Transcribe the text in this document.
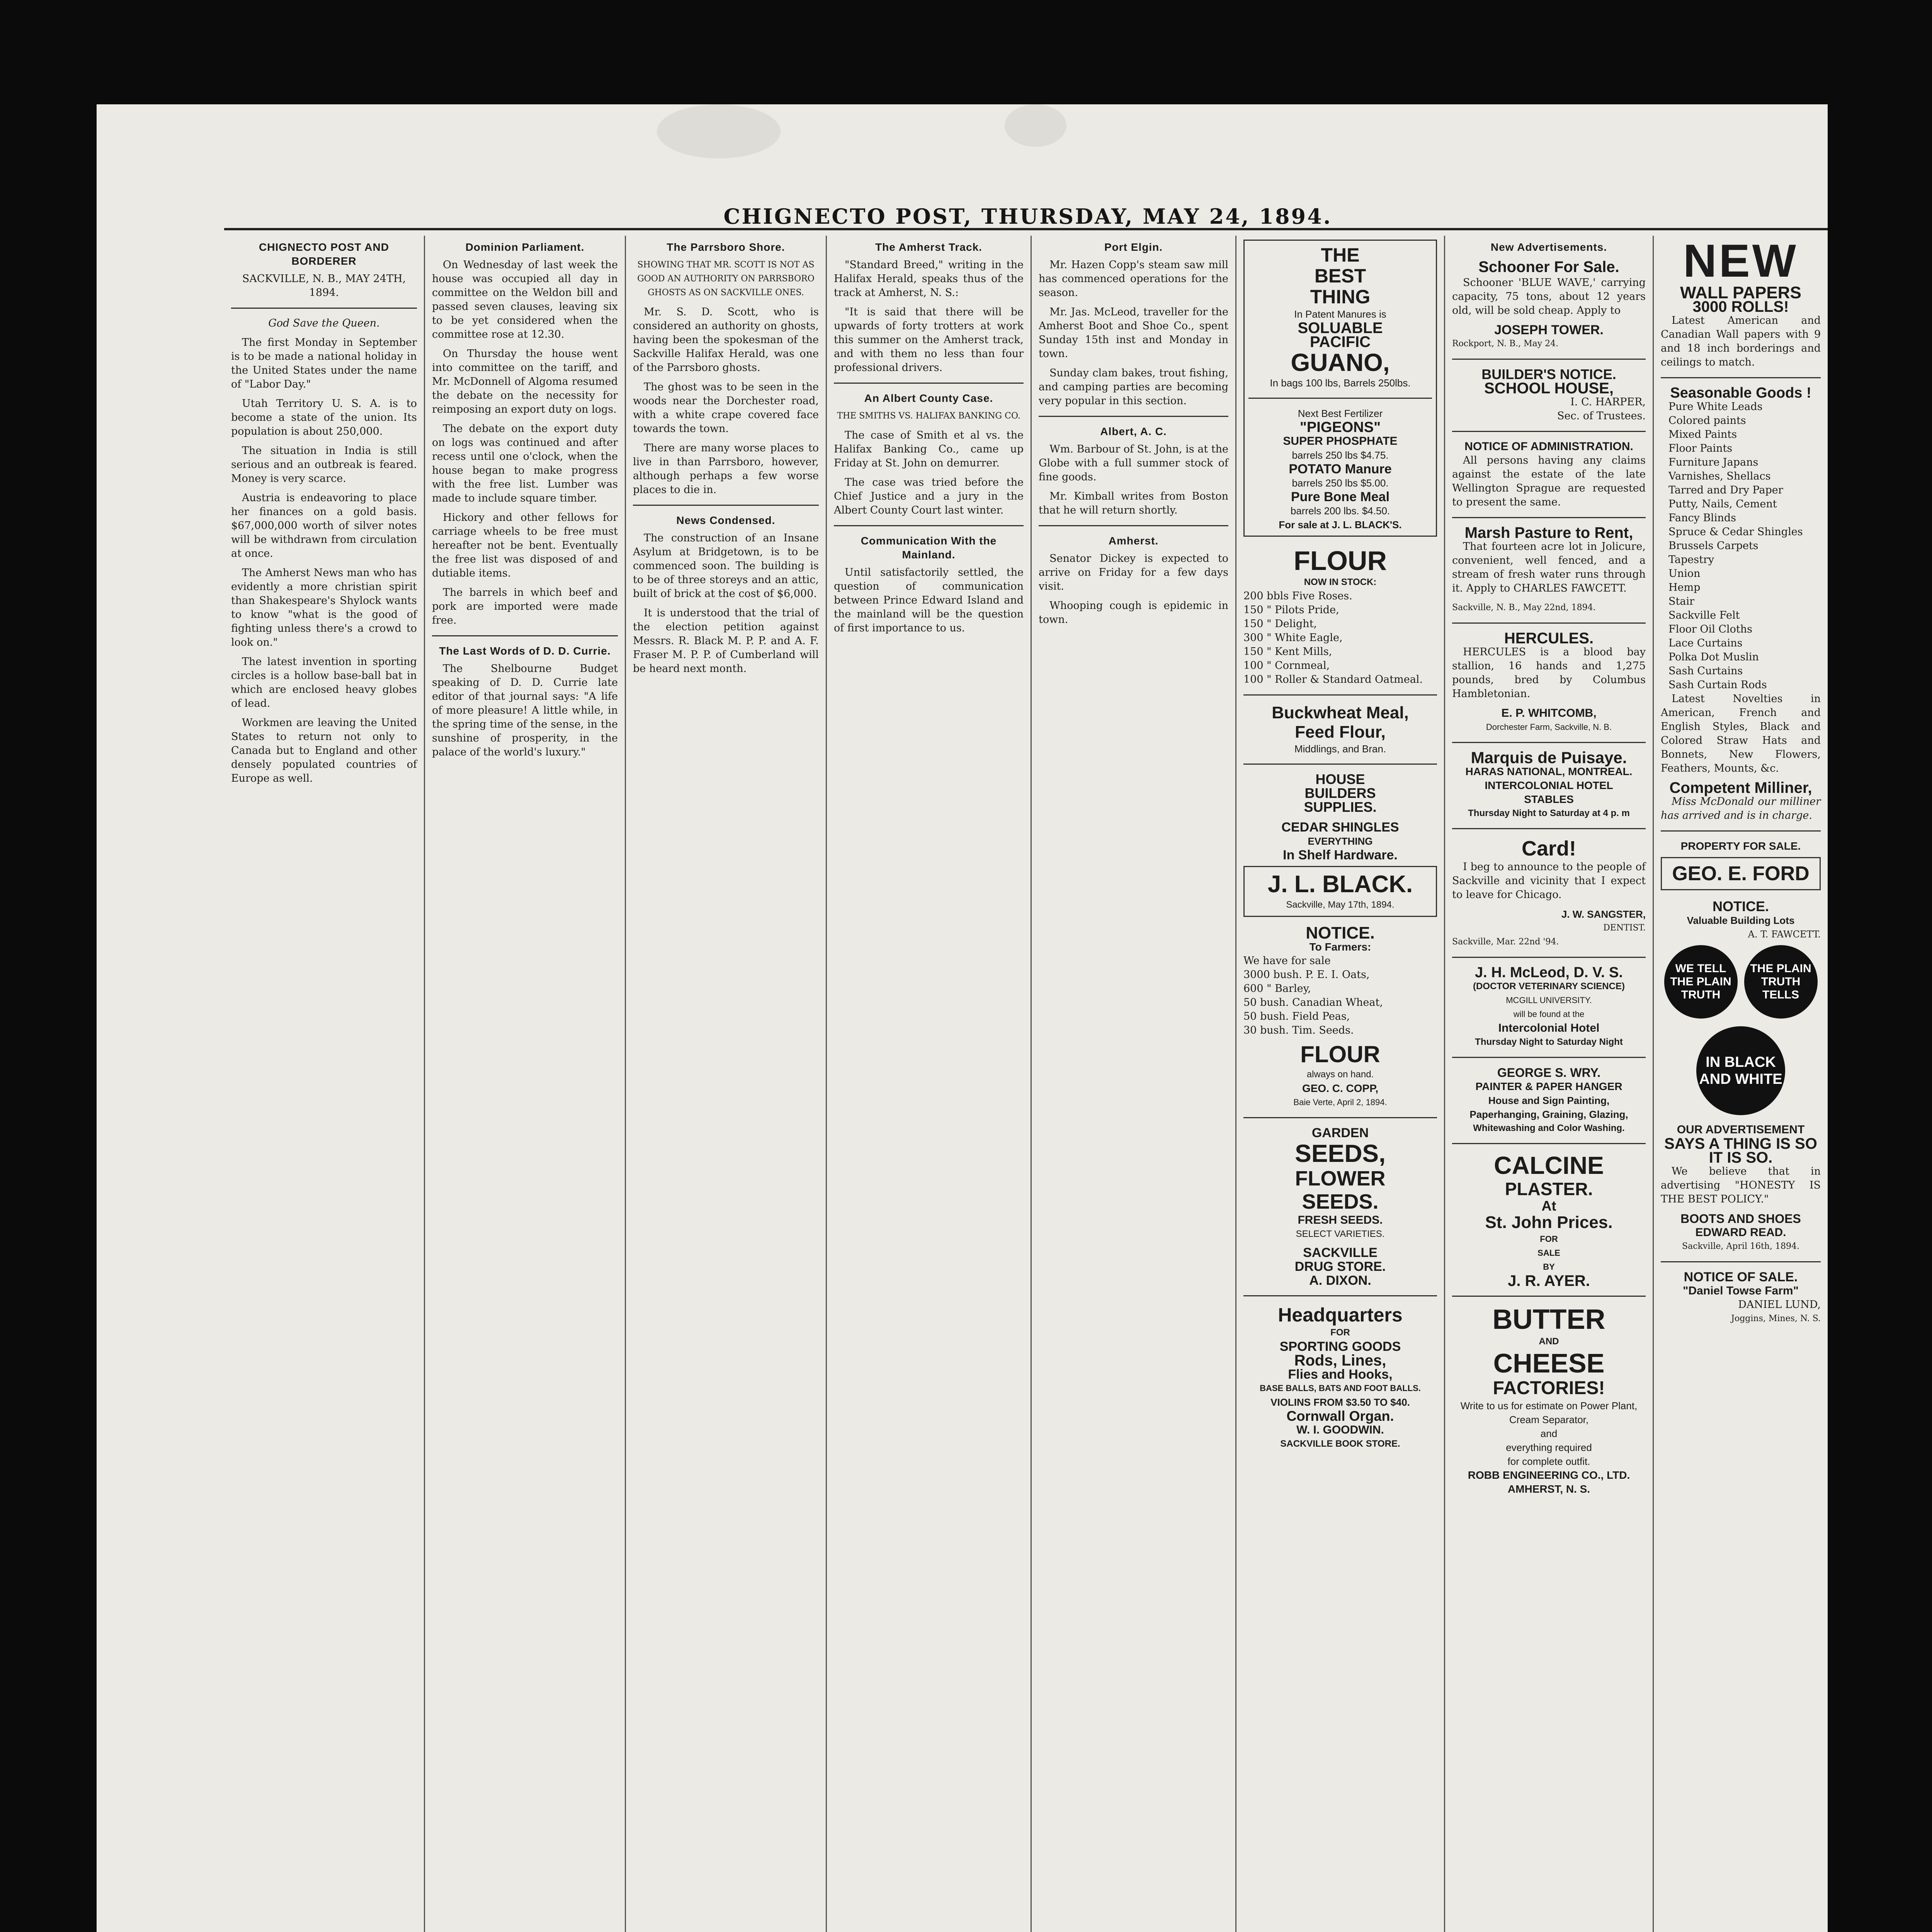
CHIGNECTO POST, THURSDAY, MAY 24, 1894.
CHIGNECTO POST AND BORDERER

SACKVILLE, N. B., MAY 24TH, 1894.

God Save the Queen.

The first Monday in September is to be made a national holiday in the United States under the name of "Labor Day."

Utah Territory U. S. A. is to become a state of the union. Its population is about 250,000.

The situation in India is still serious and an outbreak is feared. Money is very scarce.

Austria is endeavoring to place her finances on a gold basis. $67,000,000 worth of silver notes will be withdrawn from circulation at once.

The Amherst News man who has evidently a more christian spirit than Shakespeare's Shylock wants to know "what is the good of fighting unless there's a crowd to look on."

The latest invention in sporting circles is a hollow base-ball bat in which are enclosed heavy globes of lead.

Workmen are leaving the United States to return not only to Canada but to England and other densely populated countries of Europe as well.

Dominion Parliament.

On Wednesday of last week the house was occupied all day in committee on the Weldon bill and passed seven clauses, leaving six to be yet considered when the committee rose at 12.30.

On Thursday the house went into committee on the tariff, and Mr. McDonnell of Algoma resumed the debate on the necessity for reimposing an export duty on logs.

The debate on the export duty on logs was continued and after recess until one o'clock, when the house began to make progress with the free list. Lumber was made to include square timber.

Hickory and other fellows for carriage wheels to be free must hereafter not be bent. Eventually the free list was disposed of and dutiable items.

The barrels in which beef and pork are imported were made free.

The Last Words of D. D. Currie.

The Shelbourne Budget speaking of D. D. Currie late editor of that journal says: "A life of more pleasure! A little while, in the spring time of the sense, in the sunshine of prosperity, in the palace of the world's luxury."

The Parrsboro Shore.

SHOWING THAT MR. SCOTT IS NOT AS GOOD AN AUTHORITY ON PARRSBORO GHOSTS AS ON SACKVILLE ONES.

Mr. S. D. Scott, who is considered an authority on ghosts, having been the spokesman of the Sackville Halifax Herald, was one of the Parrsboro ghosts.

The ghost was to be seen in the woods near the Dorchester road, with a white crape covered face towards the town.

There are many worse places to live in than Parrsboro, however, although perhaps a few worse places to die in.

News Condensed.

The construction of an Insane Asylum at Bridgetown, is to be commenced soon. The building is to be of three storeys and an attic, built of brick at the cost of $6,000.

It is understood that the trial of the election petition against Messrs. R. Black M. P. P. and A. F. Fraser M. P. P. of Cumberland will be heard next month.

The Amherst Track.

"Standard Breed," writing in the Halifax Herald, speaks thus of the track at Amherst, N. S.:

"It is said that there will be upwards of forty trotters at work this summer on the Amherst track, and with them no less than four professional drivers.

An Albert County Case.

THE SMITHS VS. HALIFAX BANKING CO.

The case of Smith et al vs. the Halifax Banking Co., came up Friday at St. John on demurrer.

The case was tried before the Chief Justice and a jury in the Albert County Court last winter.

Communication With the Mainland.

Until satisfactorily settled, the question of communication between Prince Edward Island and the mainland will be the question of first importance to us.

Port Elgin.

Mr. Hazen Copp's steam saw mill has commenced operations for the season.

Mr. Jas. McLeod, traveller for the Amherst Boot and Shoe Co., spent Sunday 15th inst and Monday in town.

Sunday clam bakes, trout fishing, and camping parties are becoming very popular in this section.

Albert, A. C.

Wm. Barbour of St. John, is at the Globe with a full summer stock of fine goods.

Mr. Kimball writes from Boston that he will return shortly.

Amherst.

Senator Dickey is expected to arrive on Friday for a few days visit.

Whooping cough is epidemic in town.

THE
BEST
THING
In Patent Manures is
SOLUABLE
PACIFIC
GUANO,
In bags 100 lbs, Barrels 250lbs.
Next Best Fertilizer
"PIGEONS"
SUPER PHOSPHATE
barrels 250 lbs $4.75.
POTATO Manure
barrels 250 lbs $5.00.
Pure Bone Meal
barrels 200 lbs. $4.50.
For sale at J. L. BLACK'S.
FLOUR
NOW IN STOCK:
200 bbls Five Roses.
150 " Pilots Pride,
150 " Delight,
300 " White Eagle,
150 " Kent Mills,
100 " Cornmeal,
100 " Roller & Standard Oatmeal.
Buckwheat Meal,
Feed Flour,
Middlings, and Bran.
HOUSE
BUILDERS
SUPPLIES.
CEDAR SHINGLES
EVERYTHING
In Shelf Hardware.
J. L. BLACK.
Sackville, May 17th, 1894.
NOTICE.
To Farmers:
We have for sale
3000 bush. P. E. I. Oats,
600 " Barley,
50 bush. Canadian Wheat,
50 bush. Field Peas,
30 bush. Tim. Seeds.
FLOUR
always on hand.
GEO. C. COPP,
Baie Verte, April 2, 1894.
GARDEN
SEEDS,
FLOWER
SEEDS.
FRESH SEEDS.
SELECT VARIETIES.
SACKVILLE
DRUG STORE.
A. DIXON.
Headquarters
FOR
SPORTING GOODS
Rods, Lines,
Flies and Hooks,
BASE BALLS, BATS AND FOOT BALLS.
VIOLINS FROM $3.50 TO $40.
Cornwall Organ.
W. I. GOODWIN.
SACKVILLE BOOK STORE.
New Advertisements.
Schooner For Sale.

Schooner 'BLUE WAVE,' carrying capacity, 75 tons, about 12 years old, will be sold cheap. Apply to

JOSEPH TOWER.
Rockport, N. B., May 24.
BUILDER'S NOTICE.
SCHOOL HOUSE,
I. C. HARPER,
Sec. of Trustees.
NOTICE OF ADMINISTRATION.

All persons having any claims against the estate of the late Wellington Sprague are requested to present the same.

Marsh Pasture to Rent,

That fourteen acre lot in Jolicure, convenient, well fenced, and a stream of fresh water runs through it. Apply to CHARLES FAWCETT.

Sackville, N. B., May 22nd, 1894.
HERCULES.

HERCULES is a blood bay stallion, 16 hands and 1,275 pounds, bred by Columbus Hambletonian.

E. P. WHITCOMB,
Dorchester Farm, Sackville, N. B.
Marquis de Puisaye.
HARAS NATIONAL, MONTREAL.
INTERCOLONIAL HOTEL
STABLES
Thursday Night to Saturday at 4 p. m
Card!

I beg to announce to the people of Sackville and vicinity that I expect to leave for Chicago.

J. W. SANGSTER,
DENTIST.
Sackville, Mar. 22nd '94.
J. H. McLeod, D. V. S.
(DOCTOR VETERINARY SCIENCE)
MCGILL UNIVERSITY.
will be found at the
Intercolonial Hotel
Thursday Night to Saturday Night
GEORGE S. WRY.
PAINTER & PAPER HANGER
House and Sign Painting, Paperhanging, Graining, Glazing,
Whitewashing and Color Washing.
CALCINE
PLASTER.
At
St. John Prices.
FOR
SALE
BY
J. R. AYER.
BUTTER
AND
CHEESE
FACTORIES!
Write to us for estimate on Power Plant,
Cream Separator,
and
everything required
for complete outfit.
ROBB ENGINEERING CO., LTD.
AMHERST, N. S.
NEW
WALL PAPERS
3000 ROLLS!

Latest American and Canadian Wall papers with 9 and 18 inch borderings and ceilings to match.

Seasonable Goods !
Pure White Leads
Colored paints
Mixed Paints
Floor Paints
Furniture Japans
Varnishes, Shellacs
Tarred and Dry Paper
Putty, Nails, Cement
Fancy Blinds
Spruce & Cedar Shingles
Brussels Carpets
Tapestry
Union
Hemp
Stair
Sackville Felt
Floor Oil Cloths
Lace Curtains
Polka Dot Muslin
Sash Curtains
Sash Curtain Rods

Latest Novelties in American, French and English Styles, Black and Colored Straw Hats and Bonnets, New Flowers, Feathers, Mounts, &c.

Competent Milliner,

Miss McDonald our milliner has arrived and is in charge.

PROPERTY FOR SALE.
GEO. E. FORD
NOTICE.
Valuable Building Lots
A. T. FAWCETT.
WE TELL THE PLAIN TRUTH
THE PLAIN TRUTH TELLS
IN BLACK AND WHITE
OUR ADVERTISEMENT
SAYS A THING IS SO
IT IS SO.

We believe that in advertising "HONESTY IS THE BEST POLICY."

BOOTS AND SHOES
EDWARD READ.
Sackville, April 16th, 1894.
NOTICE OF SALE.
"Daniel Towse Farm"
DANIEL LUND,
Joggins, Mines, N. S.
